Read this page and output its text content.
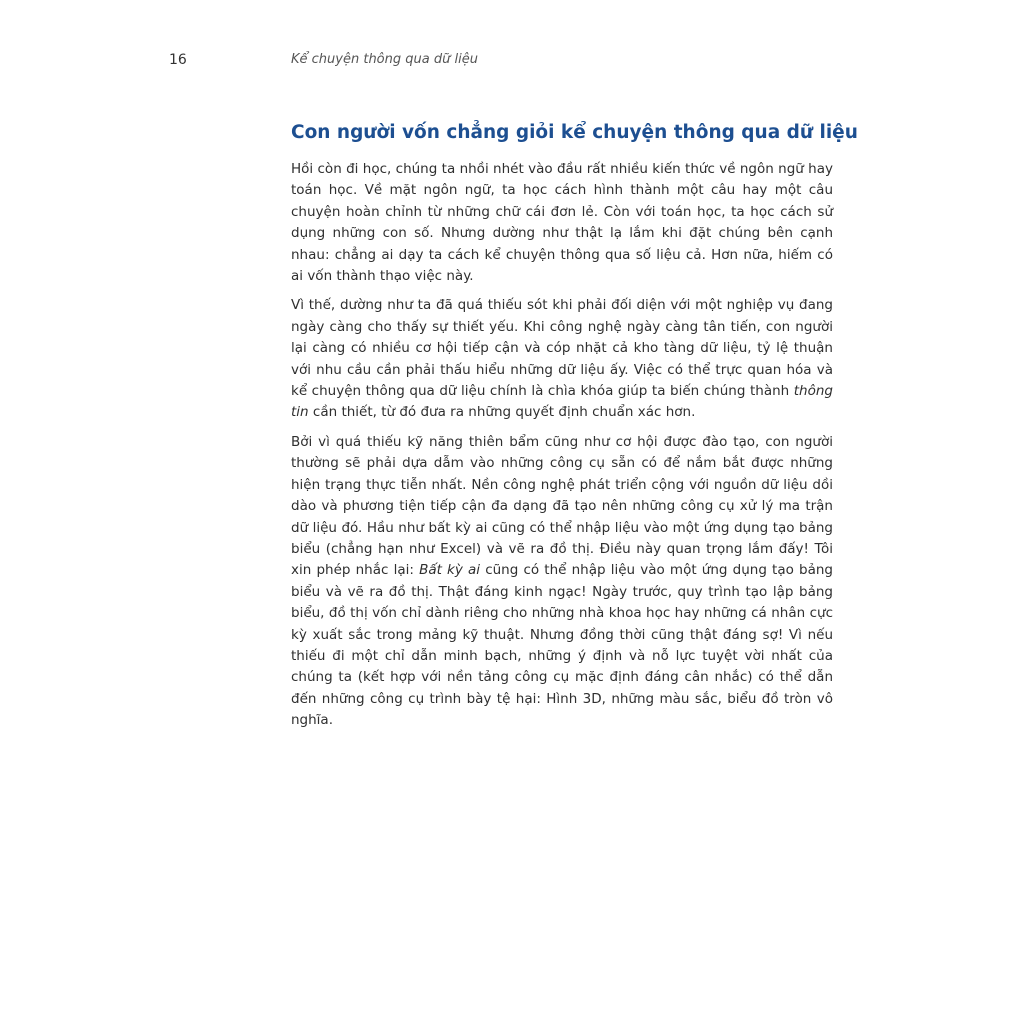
16	Kể chuyện thông qua dữ liệu
Con người vốn chẳng giỏi kể chuyện thông qua dữ liệu

Hồi còn đi học, chúng ta nhồi nhét vào đầu rất nhiều kiến thức về ngôn ngữ hay toán học. Về mặt ngôn ngữ, ta học cách hình thành một câu hay một câu chuyện hoàn chỉnh từ những chữ cái đơn lẻ. Còn với toán học, ta học cách sử dụng những con số. Nhưng dường như thật lạ lắm khi đặt chúng bên cạnh nhau: chẳng ai dạy ta cách kể chuyện thông qua số liệu cả. Hơn nữa, hiếm có ai vốn thành thạo việc này.

Vì thế, dường như ta đã quá thiếu sót khi phải đối diện với một nghiệp vụ đang ngày càng cho thấy sự thiết yếu. Khi công nghệ ngày càng tân tiến, con người lại càng có nhiều cơ hội tiếp cận và cóp nhặt cả kho tàng dữ liệu, tỷ lệ thuận với nhu cầu cần phải thấu hiểu những dữ liệu ấy. Việc có thể trực quan hóa và kể chuyện thông qua dữ liệu chính là chìa khóa giúp ta biến chúng thành thông tin cần thiết, từ đó đưa ra những quyết định chuẩn xác hơn.

Bởi vì quá thiếu kỹ năng thiên bẩm cũng như cơ hội được đào tạo, con người thường sẽ phải dựa dẫm vào những công cụ sẵn có để nắm bắt được những hiện trạng thực tiễn nhất. Nền công nghệ phát triển cộng với nguồn dữ liệu dồi dào và phương tiện tiếp cận đa dạng đã tạo nên những công cụ xử lý ma trận dữ liệu đó. Hầu như bất kỳ ai cũng có thể nhập liệu vào một ứng dụng tạo bảng biểu (chẳng hạn như Excel) và vẽ ra đồ thị. Điều này quan trọng lắm đấy! Tôi xin phép nhắc lại: Bất kỳ ai cũng có thể nhập liệu vào một ứng dụng tạo bảng biểu và vẽ ra đồ thị. Thật đáng kinh ngạc! Ngày trước, quy trình tạo lập bảng biểu, đồ thị vốn chỉ dành riêng cho những nhà khoa học hay những cá nhân cực kỳ xuất sắc trong mảng kỹ thuật. Nhưng đồng thời cũng thật đáng sợ! Vì nếu thiếu đi một chỉ dẫn minh bạch, những ý định và nỗ lực tuyệt vời nhất của chúng ta (kết hợp với nền tảng công cụ mặc định đáng cân nhắc) có thể dẫn đến những công cụ trình bày tệ hại: Hình 3D, những màu sắc, biểu đồ tròn vô nghĩa.
